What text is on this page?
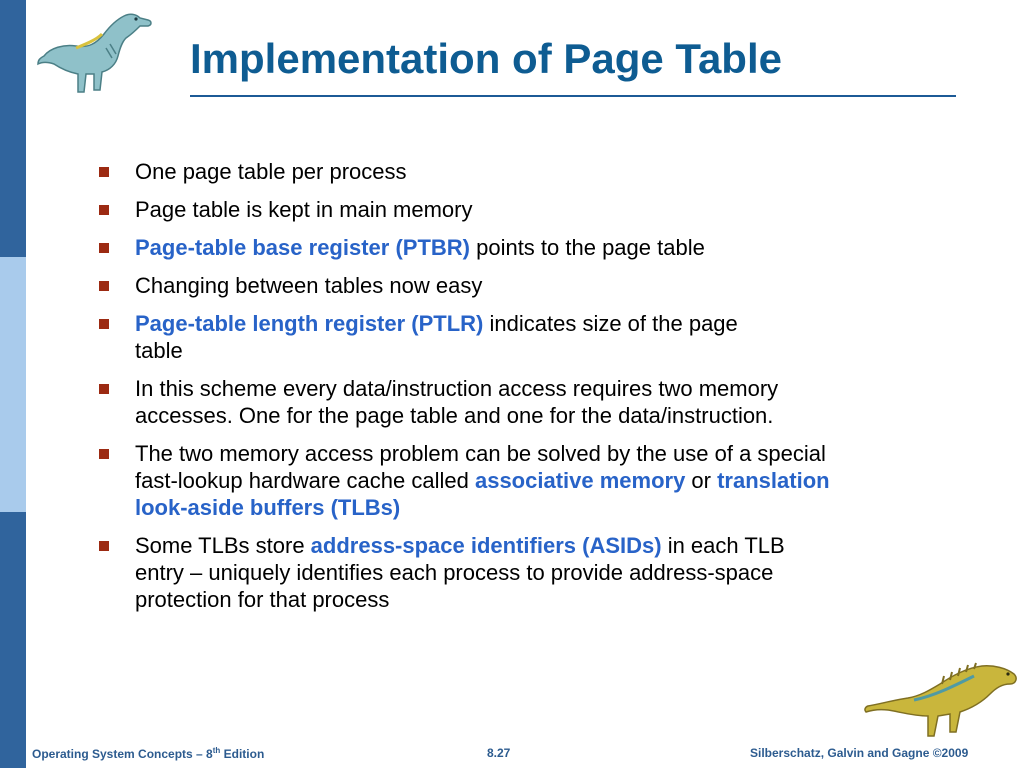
Implementation of Page Table
One page table per process
Page table is kept in main memory
Page-table base register (PTBR) points to the page table
Changing between tables now easy
Page-table length register (PTLR) indicates size of the page table
In this scheme every data/instruction access requires two memory accesses. One for the page table and one for the data/instruction.
The two memory access problem can be solved by the use of a special fast-lookup hardware cache called associative memory or translation look-aside buffers (TLBs)
Some TLBs store address-space identifiers (ASIDs) in each TLB entry – uniquely identifies each process to provide address-space protection for that process
Operating System Concepts – 8th Edition	8.27	Silberschatz, Galvin and Gagne ©2009
